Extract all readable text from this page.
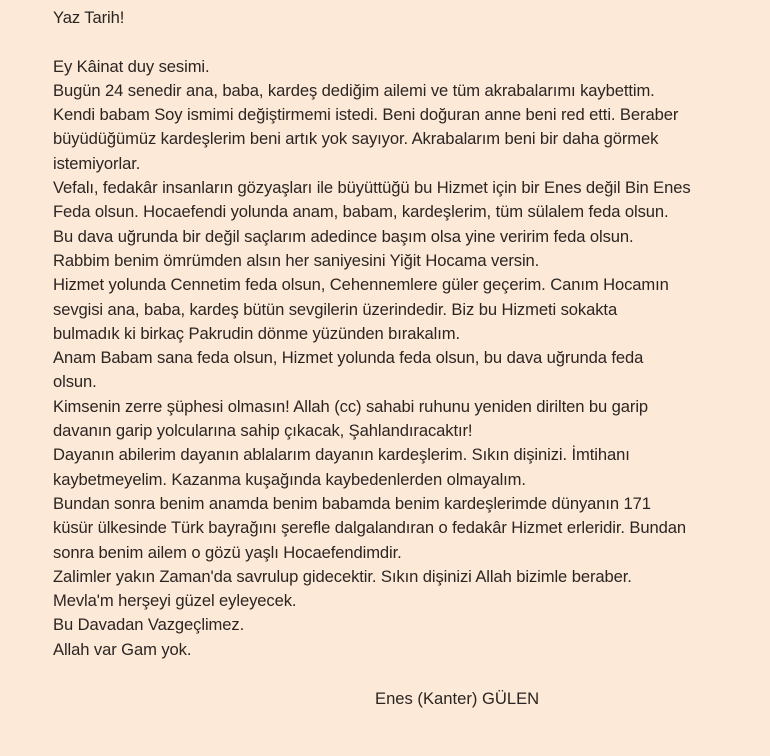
Yaz Tarih!
Ey Kâinat duy sesimi.
Bugün 24 senedir ana, baba, kardeş dediğim ailemi ve tüm akrabalarımı kaybettim.
Kendi babam Soy ismimi değiştirmemi istedi. Beni doğuran anne beni red etti. Beraber
büyüdüğümüz kardeşlerim beni artık yok sayıyor. Akrabalarım beni bir daha görmek
istemiyorlar.
Vefalı, fedakâr insanların gözyaşları ile büyüttüğü bu Hizmet için bir Enes değil Bin Enes
Feda olsun. Hocaefendi yolunda anam, babam, kardeşlerim, tüm sülalem feda olsun.
Bu dava uğrunda bir değil saçlarım adedince başım olsa yine veririm feda olsun.
Rabbim benim ömrümden alsın her saniyesini Yiğit Hocama versin.
Hizmet yolunda Cennetim feda olsun, Cehennemlere güler geçerim. Canım Hocamın
sevgisi ana, baba, kardeş bütün sevgilerin üzerindedir. Biz bu Hizmeti sokakta
bulmadık ki birkaç Pakrudin dönme yüzünden bırakalım.
Anam Babam sana feda olsun, Hizmet yolunda feda olsun, bu dava uğrunda feda
olsun.
Kimsenin zerre şüphesi olmasın! Allah (cc) sahabi ruhunu yeniden dirilten bu garip
davanın garip yolcularına sahip çıkacak, Şahlandıracaktır!
Dayanın abilerim dayanın ablalarım dayanın kardeşlerim. Sıkın dişinizi. İmtihanı
kaybetmeyelim. Kazanma kuşağında kaybedenlerden olmayalım.
Bundan sonra benim anamda benim babamda benim kardeşlerimde dünyanın 171
küsür ülkesinde Türk bayrağını şerefle dalgalandıran o fedakâr Hizmet erleridir. Bundan
sonra benim ailem o gözü yaşlı Hocaefendimdir.
Zalimler yakın Zaman'da savrulup gidecektir. Sıkın dişinizi Allah bizimle beraber.
Mevla'm herşeyi güzel eyleyecek.
Bu Davadan Vazgeçlimez.
Allah var Gam yok.
Enes (Kanter) GÜLEN
